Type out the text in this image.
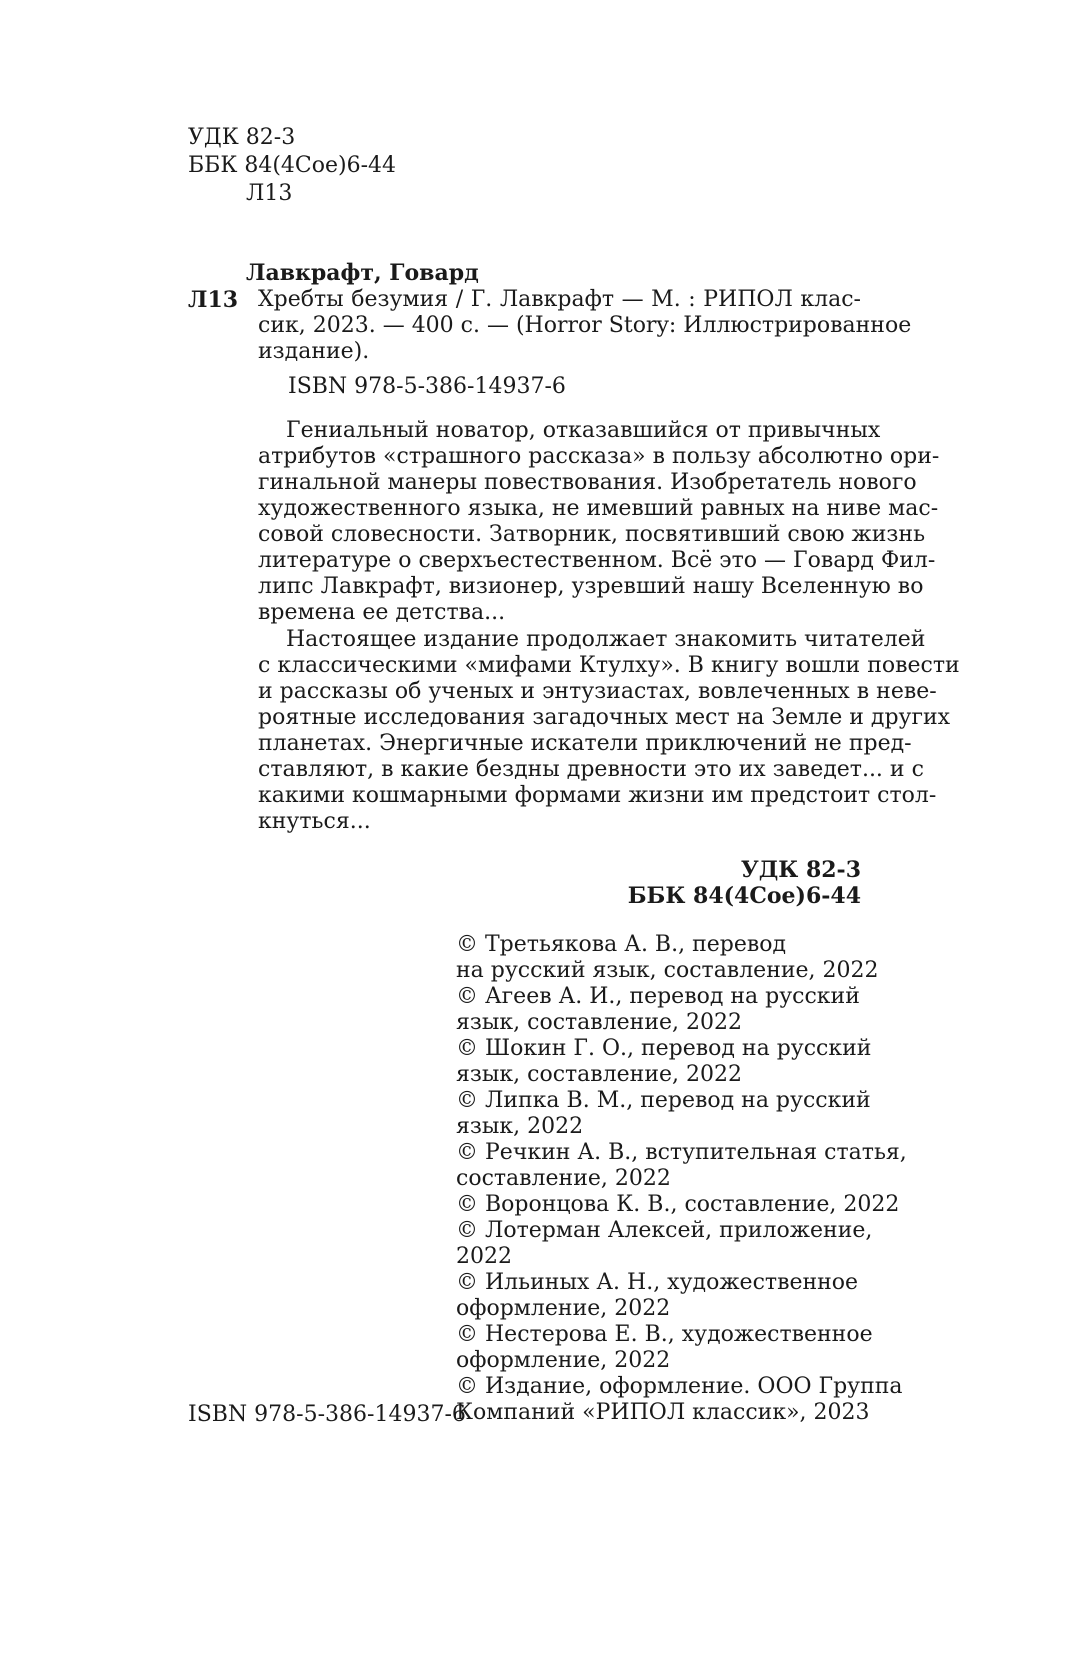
УДК 82-3
ББК 84(4Сое)6-44
Л13
Лавкрафт, Говард
Л13 Хребты безумия / Г. Лавкрафт — М. : РИПОЛ клас-
сик, 2023. — 400 с. — (Horror Story: Иллюстрированное
издание).
ISBN 978-5-386-14937-6
Гениальный новатор, отказавшийся от привычных
атрибутов «страшного рассказа» в пользу абсолютно ори-
гинальной манеры повествования. Изобретатель нового
художественного языка, не имевший равных на ниве мас-
совой словесности. Затворник, посвятивший свою жизнь
литературе о сверхъестественном. Всё это — Говард Фил-
липс Лавкрафт, визионер, узревший нашу Вселенную во
времена ее детства...
Настоящее издание продолжает знакомить читателей
с классическими «мифами Ктулху». В книгу вошли повести
и рассказы об ученых и энтузиастах, вовлеченных в неве-
роятные исследования загадочных мест на Земле и других
планетах. Энергичные искатели приключений не пред-
ставляют, в какие бездны древности это их заведет... и с
какими кошмарными формами жизни им предстоит стол-
кнуться...
УДК 82-3
ББК 84(4Сое)6-44
© Третьякова А. В., перевод
на русский язык, составление, 2022
© Агеев А. И., перевод на русский
язык, составление, 2022
© Шокин Г. О., перевод на русский
язык, составление, 2022
© Липка В. М., перевод на русский
язык, 2022
© Речкин А. В., вступительная статья,
составление, 2022
© Воронцова К. В., составление, 2022
© Лотерман Алексей, приложение,
2022
© Ильиных А. Н., художественное
оформление, 2022
© Нестерова Е. В., художественное
оформление, 2022
© Издание, оформление. ООО Группа
Компаний «РИПОЛ классик», 2023
ISBN 978-5-386-14937-6
